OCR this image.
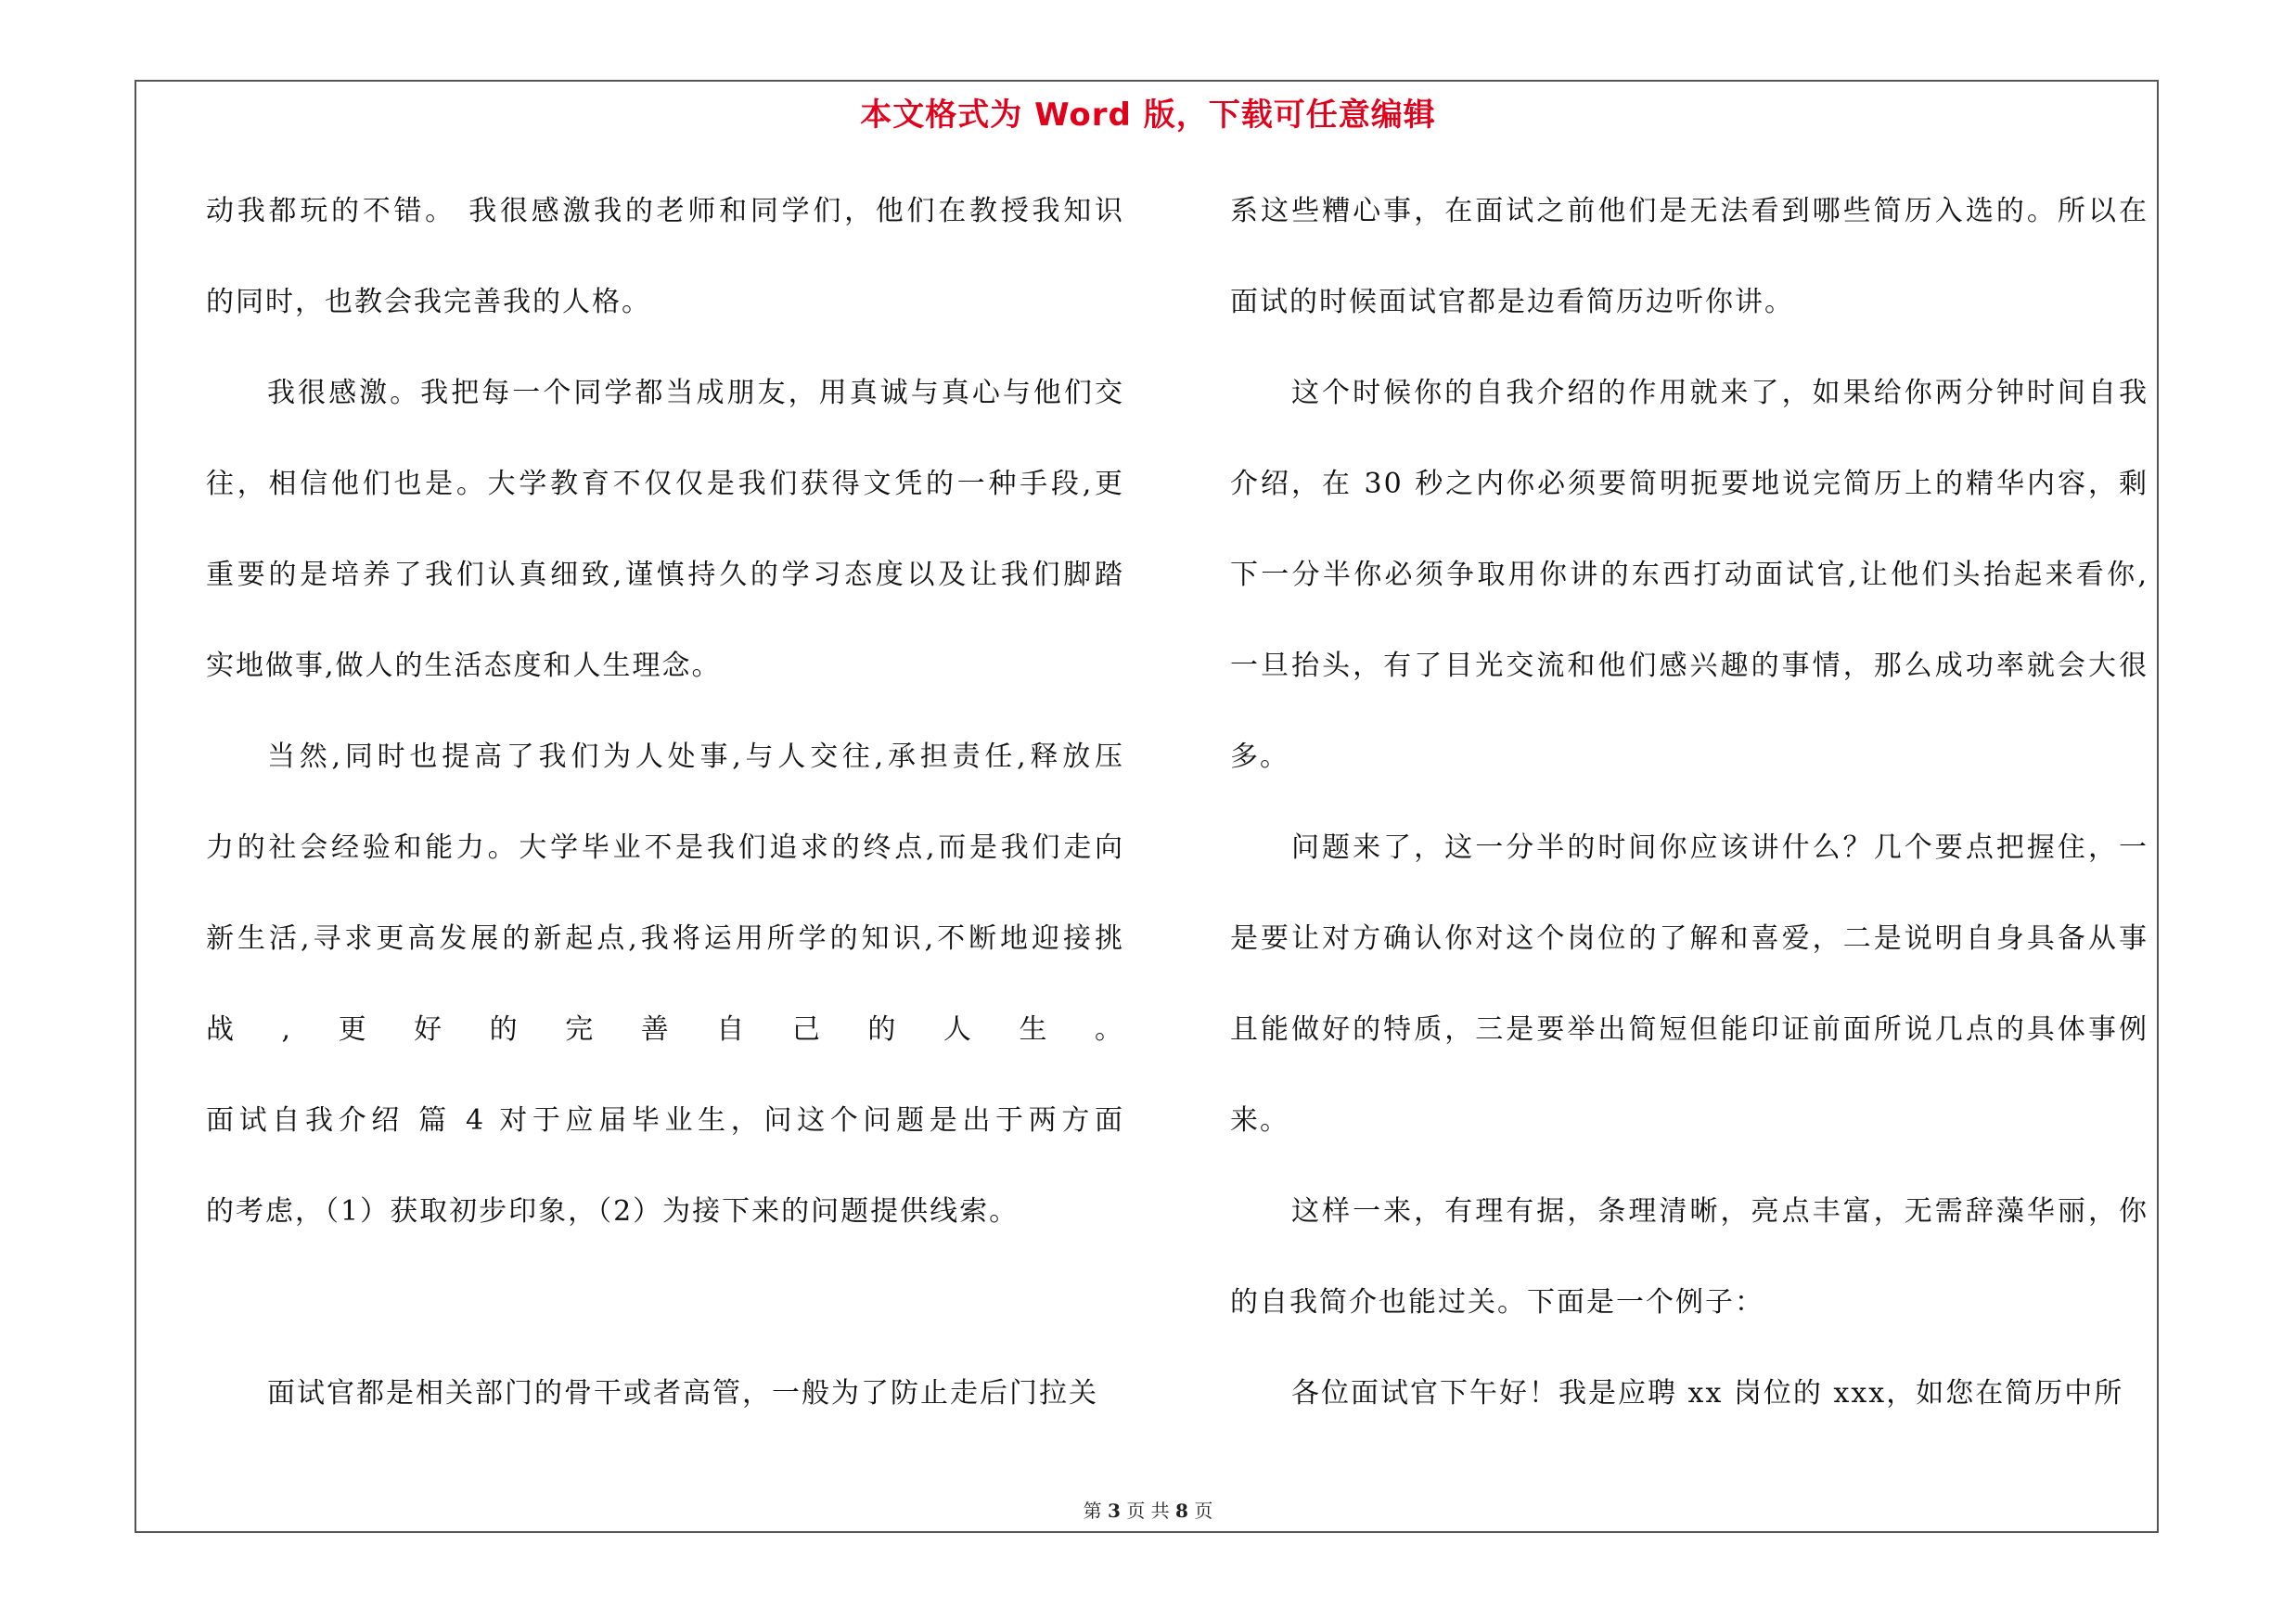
本文格式为 Word 版，下载可任意编辑
动我都玩的不错。 我很感激我的老师和同学们，他们在教授我知识
的同时，也教会我完善我的人格。
我很感激。我把每一个同学都当成朋友，用真诚与真心与他们交
往，相信他们也是。大学教育不仅仅是我们获得文凭的一种手段,更
重要的是培养了我们认真细致,谨慎持久的学习态度以及让我们脚踏
实地做事,做人的生活态度和人生理念。
当然,同时也提高了我们为人处事,与人交往,承担责任,释放压
力的社会经验和能力。大学毕业不是我们追求的终点,而是我们走向
新生活,寻求更高发展的新起点,我将运用所学的知识,不断地迎接挑
战,更好的完善自己的人生。
面试自我介绍 篇 4 对于应届毕业生，问这个问题是出于两方面
的考虑，（1）获取初步印象，（2）为接下来的问题提供线索。
面试官都是相关部门的骨干或者高管，一般为了防止走后门拉关
系这些糟心事，在面试之前他们是无法看到哪些简历入选的。所以在
面试的时候面试官都是边看简历边听你讲。
这个时候你的自我介绍的作用就来了，如果给你两分钟时间自我
介绍，在 30 秒之内你必须要简明扼要地说完简历上的精华内容，剩
下一分半你必须争取用你讲的东西打动面试官,让他们头抬起来看你,
一旦抬头，有了目光交流和他们感兴趣的事情，那么成功率就会大很
多。
问题来了，这一分半的时间你应该讲什么？几个要点把握住，一
是要让对方确认你对这个岗位的了解和喜爱，二是说明自身具备从事
且能做好的特质，三是要举出简短但能印证前面所说几点的具体事例
来。
这样一来，有理有据，条理清晰，亮点丰富，无需辞藻华丽，你
的自我简介也能过关。下面是一个例子：
各位面试官下午好！我是应聘 xx 岗位的 xxx，如您在简历中所
第 3 页 共 8 页
